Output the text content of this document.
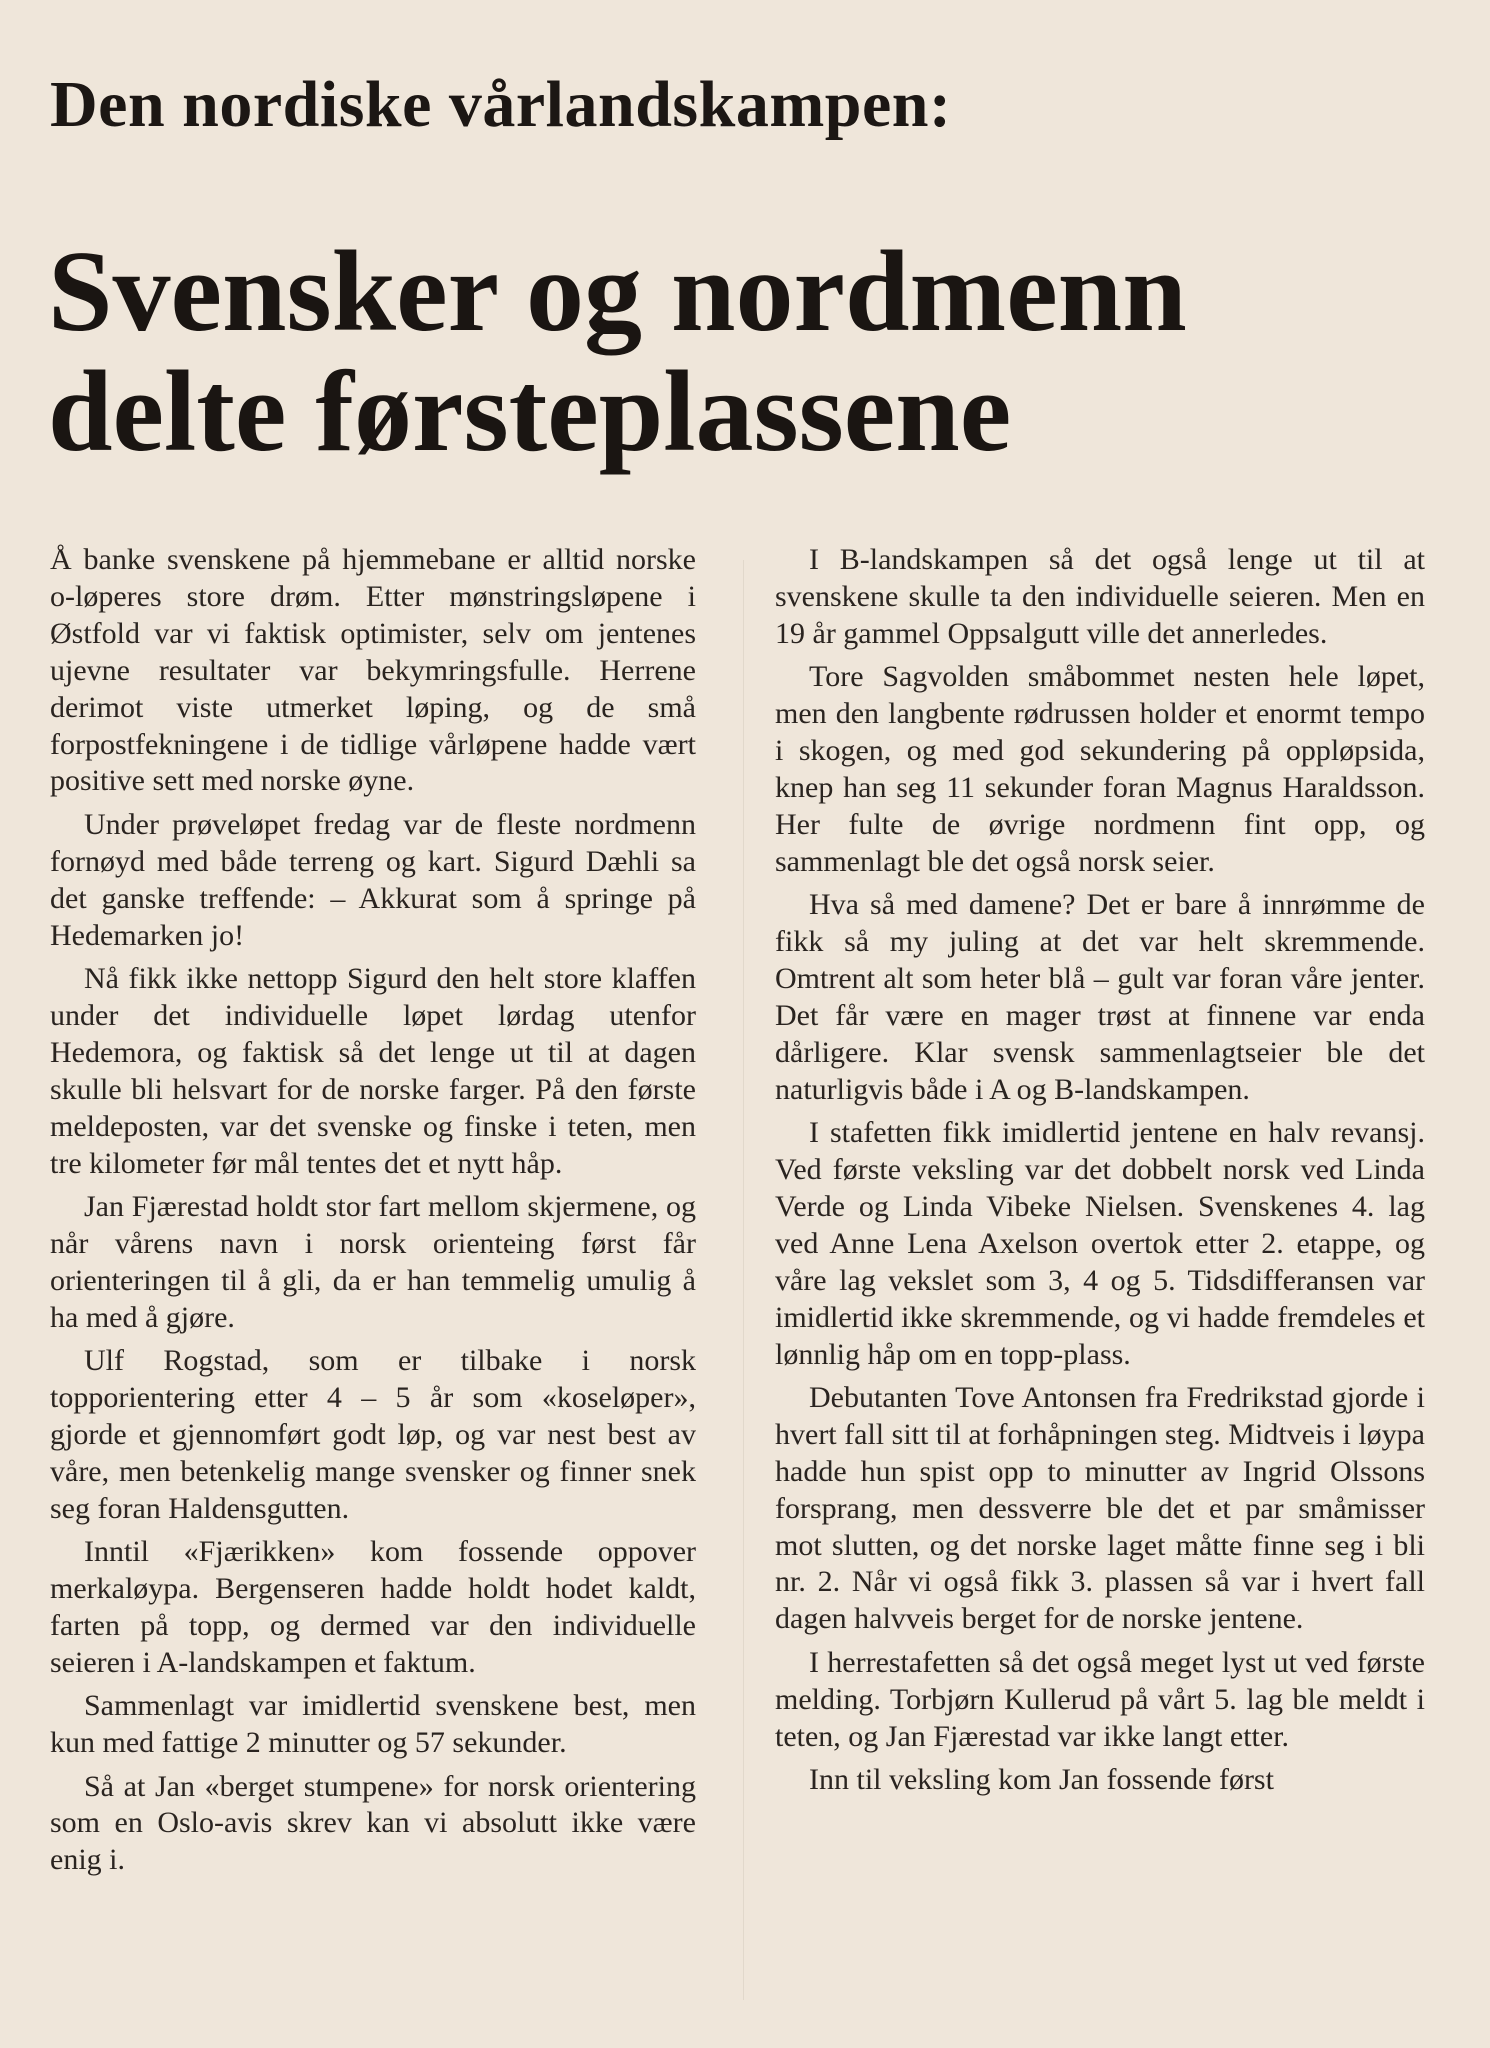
Den nordiske vårlandskampen:
Svensker og nordmenn
delte førsteplassene

Å banke svenskene på hjemmebane er alltid norske o-løperes store drøm. Etter mønstringsløpene i Østfold var vi faktisk optimister, selv om jentenes ujevne resultater var bekymringsfulle. Herrene derimot viste utmerket løping, og de små forpostfekningene i de tidlige vårløpene hadde vært positive sett med norske øyne.

Under prøveløpet fredag var de fleste nordmenn fornøyd med både terreng og kart. Sigurd Dæhli sa det ganske treffende: – Akkurat som å springe på Hedemarken jo!

Nå fikk ikke nettopp Sigurd den helt store klaffen under det individuelle løpet lørdag utenfor Hedemora, og faktisk så det lenge ut til at dagen skulle bli helsvart for de norske farger. På den første meldeposten, var det svenske og finske i teten, men tre kilometer før mål tentes det et nytt håp.

Jan Fjærestad holdt stor fart mellom skjermene, og når vårens navn i norsk orienteing først får orienteringen til å gli, da er han temmelig umulig å ha med å gjøre.

Ulf Rogstad, som er tilbake i norsk topporientering etter 4 – 5 år som «koseløper», gjorde et gjennomført godt løp, og var nest best av våre, men betenkelig mange svensker og finner snek seg foran Haldensgutten.

Inntil «Fjærikken» kom fossende oppover merkaløypa. Bergenseren hadde holdt hodet kaldt, farten på topp, og dermed var den individuelle seieren i A-landskampen et faktum.

Sammenlagt var imidlertid svenskene best, men kun med fattige 2 minutter og 57 sekunder.

Så at Jan «berget stumpene» for norsk orientering som en Oslo-avis skrev kan vi absolutt ikke være enig i.

I B-landskampen så det også lenge ut til at svenskene skulle ta den individuelle seieren. Men en 19 år gammel Oppsalgutt ville det annerledes.

Tore Sagvolden småbommet nesten hele løpet, men den langbente rødrussen holder et enormt tempo i skogen, og med god sekundering på oppløpsida, knep han seg 11 sekunder foran Magnus Haraldsson. Her fulte de øvrige nordmenn fint opp, og sammenlagt ble det også norsk seier.

Hva så med damene? Det er bare å innrømme de fikk så my juling at det var helt skremmende. Omtrent alt som heter blå – gult var foran våre jenter. Det får være en mager trøst at finnene var enda dårligere. Klar svensk sammenlagtseier ble det naturligvis både i A og B-landskampen.

I stafetten fikk imidlertid jentene en halv revansj. Ved første veksling var det dobbelt norsk ved Linda Verde og Linda Vibeke Nielsen. Svenskenes 4. lag ved Anne Lena Axelson overtok etter 2. etappe, og våre lag vekslet som 3, 4 og 5. Tidsdifferansen var imidlertid ikke skremmende, og vi hadde fremdeles et lønnlig håp om en topp-plass.

Debutanten Tove Antonsen fra Fredrikstad gjorde i hvert fall sitt til at forhåpningen steg. Midtveis i løypa hadde hun spist opp to minutter av Ingrid Olssons forsprang, men dessverre ble det et par småmisser mot slutten, og det norske laget måtte finne seg i bli nr. 2. Når vi også fikk 3. plassen så var i hvert fall dagen halvveis berget for de norske jentene.

I herrestafetten så det også meget lyst ut ved første melding. Torbjørn Kullerud på vårt 5. lag ble meldt i teten, og Jan Fjærestad var ikke langt etter.

Inn til veksling kom Jan fossende først
